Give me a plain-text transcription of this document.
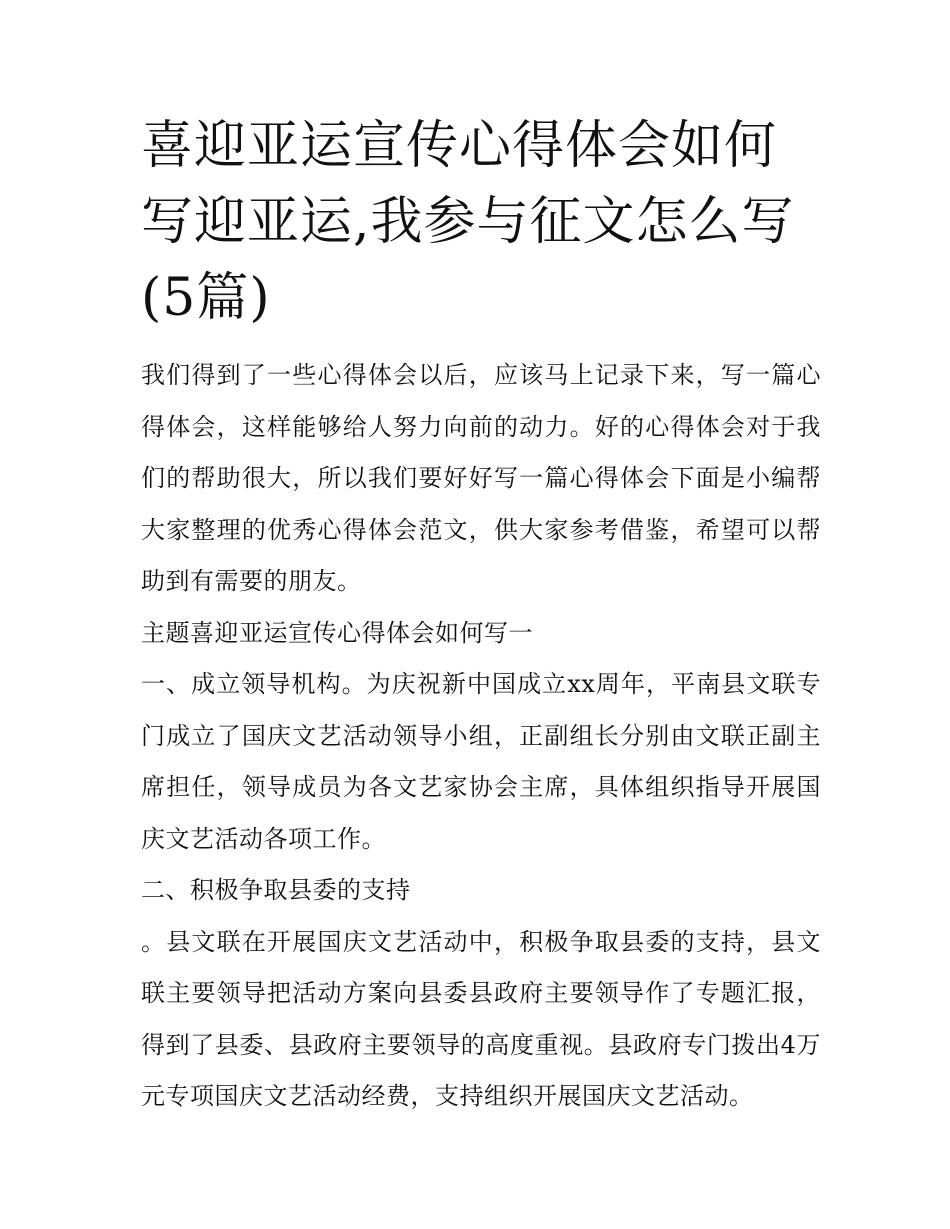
喜迎亚运宣传心得体会如何写迎亚运,我参与征文怎么写(5篇)

我们得到了一些心得体会以后，应该马上记录下来，写一篇心得体会，这样能够给人努力向前的动力。好的心得体会对于我们的帮助很大，所以我们要好好写一篇心得体会下面是小编帮大家整理的优秀心得体会范文，供大家参考借鉴，希望可以帮助到有需要的朋友。

主题喜迎亚运宣传心得体会如何写一

一、成立领导机构。为庆祝新中国成立xx周年，平南县文联专门成立了国庆文艺活动领导小组，正副组长分别由文联正副主席担任，领导成员为各文艺家协会主席，具体组织指导开展国庆文艺活动各项工作。

二、积极争取县委的支持

。县文联在开展国庆文艺活动中，积极争取县委的支持，县文联主要领导把活动方案向县委县政府主要领导作了专题汇报，得到了县委、县政府主要领导的高度重视。县政府专门拨出4万元专项国庆文艺活动经费，支持组织开展国庆文艺活动。
